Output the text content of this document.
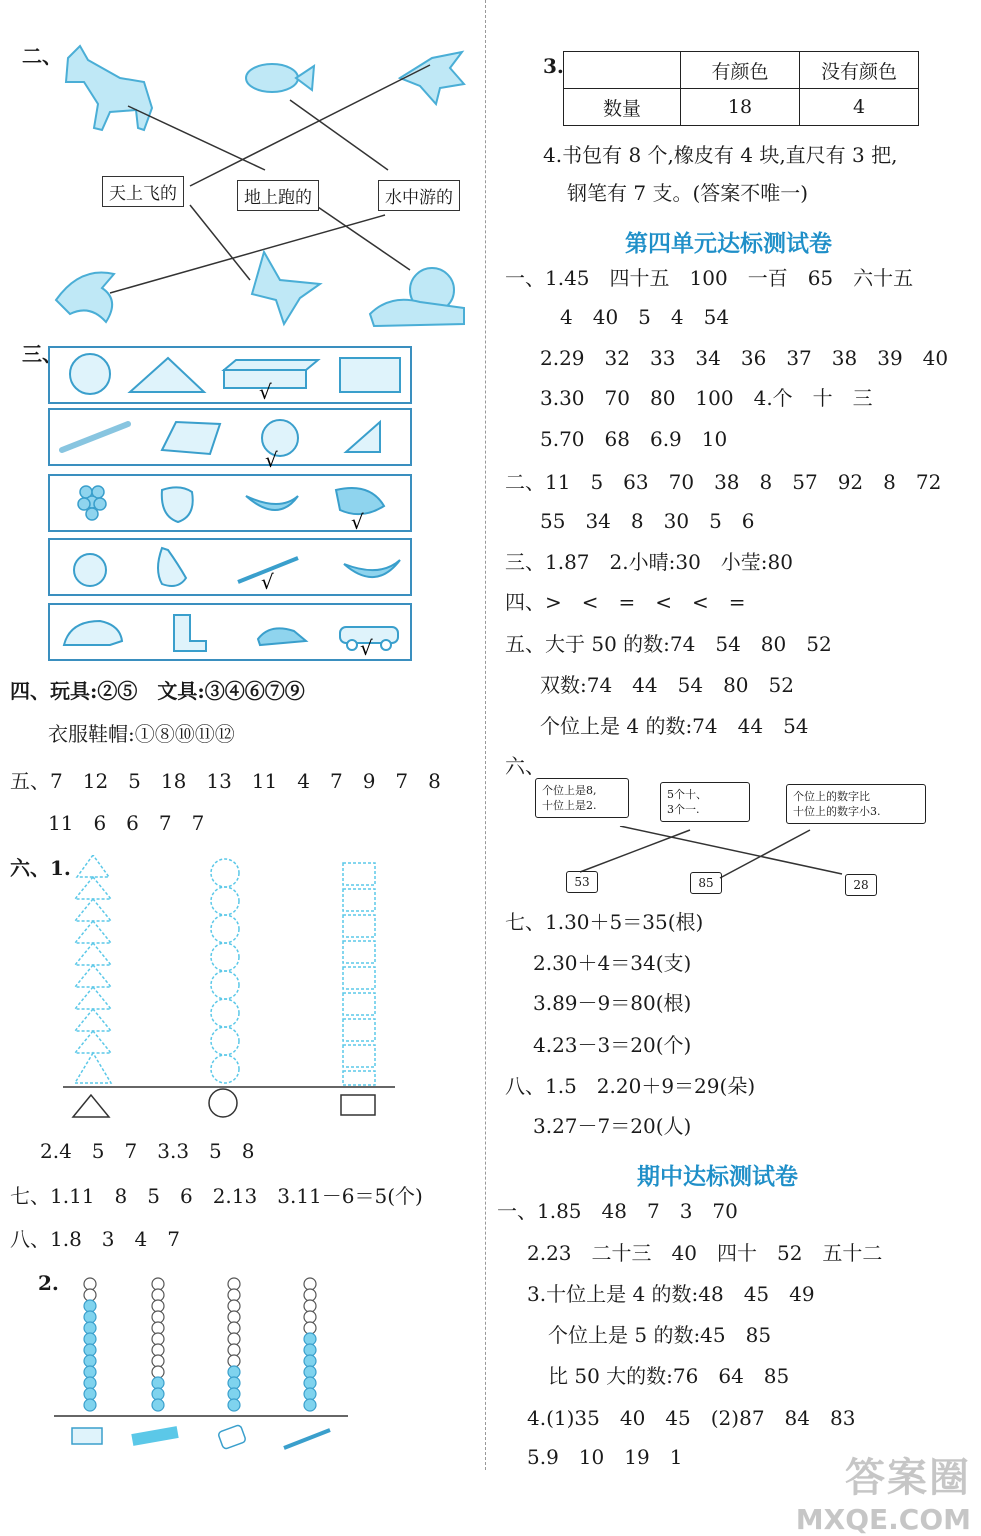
二、
天上飞的	地上跑的	水中游的
三、
√
√
√
√
√
四、玩具:②⑤　文具:③④⑥⑦⑨
衣服鞋帽:①⑧⑩⑪⑫
五、7　12　5　18　13　11　4　7　9　7　8
11　6　6　7　7
六、1.
2.4　5　7　3.3　5　8
七、1.11　8　5　6　2.13　3.11－6＝5(个)
八、1.8　3　4　7
2.
3.
		有颜色	没有颜色
数量	18	4
4.书包有 8 个,橡皮有 4 块,直尺有 3 把,
钢笔有 7 支。(答案不唯一)
第四单元达标测试卷
一、1.45　四十五　100　一百　65　六十五
4　40　5　4　54
2.29　32　33　34　36　37　38　39　40
3.30　70　80　100　4.个　十　三
5.70　68　6.9　10
二、11　5　63　70　38　8　57　92　8　72
55　34　8　30　5　6
三、1.87　2.小晴:30　小莹:80
四、>　<　=　<　<　=
五、大于 50 的数:74　54　80　52
双数:74　44　54　80　52
个位上是 4 的数:74　44　54
六、
个位上是8,
十位上是2.
5个十、
3个一.
个位上的数字比
十位上的数字小3.
53	85	28
七、1.30＋5＝35(根)
2.30＋4＝34(支)
3.89－9＝80(根)
4.23－3＝20(个)
八、1.5　2.20＋9＝29(朵)
3.27－7＝20(人)
期中达标测试卷
一、1.85　48　7　3　70
2.23　二十三　40　四十　52　五十二
3.十位上是 4 的数:48　45　49
个位上是 5 的数:45　85
比 50 大的数:76　64　85
4.(1)35　40　45　(2)87　84　83
5.9　10　19　1	答案圈
MXQE.COM
